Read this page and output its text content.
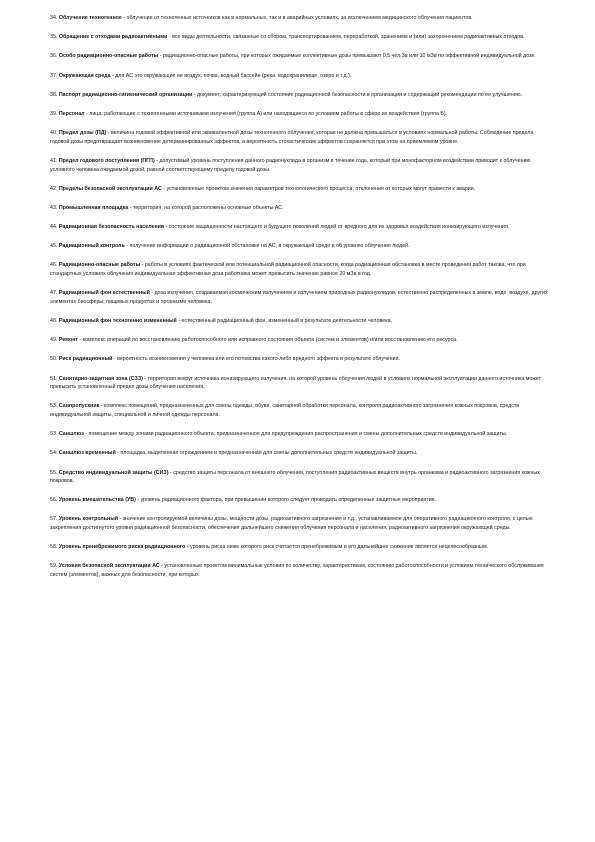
34. Облучение техногенное - облучение от техногенных источников как в нормальных, так и в аварийных условиях, за исключением медицинского облучения пациентов.

35. Обращение с отходами радиоактивными - все виды деятельности, связанные со сбором, транспортированием, переработкой, хранением и (или) захоронением радиоактивных отходов.

36. Особо радиационно-опасные работы - радиационно-опасные работы, при которых ожидаемые коллективные дозы превышают 0,5 чел.Зв или 10 мЗв по эффективной индивидуальной дозе.

37. Окружающая среда - для АС это окружающие ее воздух, почва, водный бассейн (река, водохранилище, озеро и т.д.).

38. Паспорт радиационно-гигиенический организации - документ, характеризующий состояние радиационной безопасности в организации и содержащий рекомендации по ее улучшению.

39. Персонал - лица, работающие с техногенными источниками излучения (группа А) или находящиеся по условиям работы в сфере их воздействия (группа Б).

40. Предел дозы (ПД) - величина годовой эффективной или эквивалентной дозы техногенного облучения, которая не должна превышаться в условиях нормальной работы. Соблюдение предела годовой дозы предотвращает возникновение детерминированных эффектов, а вероятность стохастических эффектов сохраняется при этом на приемлемом уровне.

41. Предел годового поступления (ПГП) - допустимый уровень поступления данного радионуклида в организм в течение года, который при монофакторном воздействии приводит к облучению условного человека ожидаемой дозой, равной соответствующему пределу годовой дозы.

42. Пределы безопасной эксплуатации АС - установленные проектом значения параметров технологического процесса, отклонения от которых могут привести к аварии.

43. Промышленная площадка - территория, на которой расположены основные объекты АС.

44. Радиационная безопасность населения - состояние защищенности настоящего и будущего поколений людей от вредного для их здоровья воздействия ионизирующего излучения.

45. Радиационный контроль - получение информации о радиационной обстановке на АС, в окружающей среде и об уровнях облучения людей.

46. Радиационно-опасные работы - работы в условиях фактической или потенциальной радиационной опасности, когда радиационная обстановка в месте проведения работ такова, что при стандартных условиях облучения индивидуальная эффективная доза работника может превысить значение равное 20 мЗв в год.

47. Радиационный фон естественный - доза излучения, создаваемая космическим излучением и излучением природных радионуклидов, естественно распределенных в земле, воде, воздухе, других элементах биосферы, пищевых продуктах и организме человека.

48. Радиационный фон техногенно измененный - естественный радиационный фон, измененный в результате деятельности человека.

49. Ремонт - комплекс операций по восстановлению работоспособного или исправного состояния объекта (систем и элементов) и/или восстановлению его ресурса.

50. Риск радиационный - вероятность возникновения у человека или его потомства какого-либо вредного эффекта в результате облучения.

51. Санитарно-защитная зона (СЗЗ) - территория вокруг источника ионизирующего излучения, на которой уровень облучения людей в условиях нормальной эксплуатации данного источника может превысить установленный предел дозы облучения населения.

53. Санпропускник - комплекс помещений, предназначенных для смены одежды, обуви, санитарной обработки персонала, контроля радиоактивного загрязнения кожных покровов, средств индивидуальной защиты, специальной и личной одежды персонала.

53. Саншлюз - помещение между зонами радиационного объекта, предназначенное для предупреждения распространения и смены дополнительных средств индивидуальной защиты.

54. Саншлюз временный - площадка, выделенная ограждением и предназначенная для смены дополнительных средств индивидуальной защиты.

55. Средство индивидуальной защиты (СИЗ) - средство защиты персонала от внешнего облучения, поступления радиоактивных веществ внутрь организма и радиоактивного загрязнения кожных покровов.

56. Уровень вмешательства (УВ) - уровень радиационного фактора, при превышении которого следует проводить определенные защитные мероприятия.

57. Уровень контрольный - значение контролируемой величины дозы, мощности дозы, радиоактивного загрязнения и т.д., устанавливаемое для оперативного радиационного контроля, с целью закрепления достигнутого уровня радиационной безопасности, обеспечения дальнейшего снижения облучения персонала и населения, радиоактивного загрязнения окружающей среды.

58. Уровень пренебрежимого риска радиационного - уровень риска ниже которого риск считается пренебрежимым и его дальнейшее снижение является нецелесообразным.

59. Условия безопасной эксплуатации АС - установленные проектом минимальные условия по количеству, характеристикам, состоянию работоспособности и условиям технического обслуживания систем (элементов), важных для безопасности, при которых
